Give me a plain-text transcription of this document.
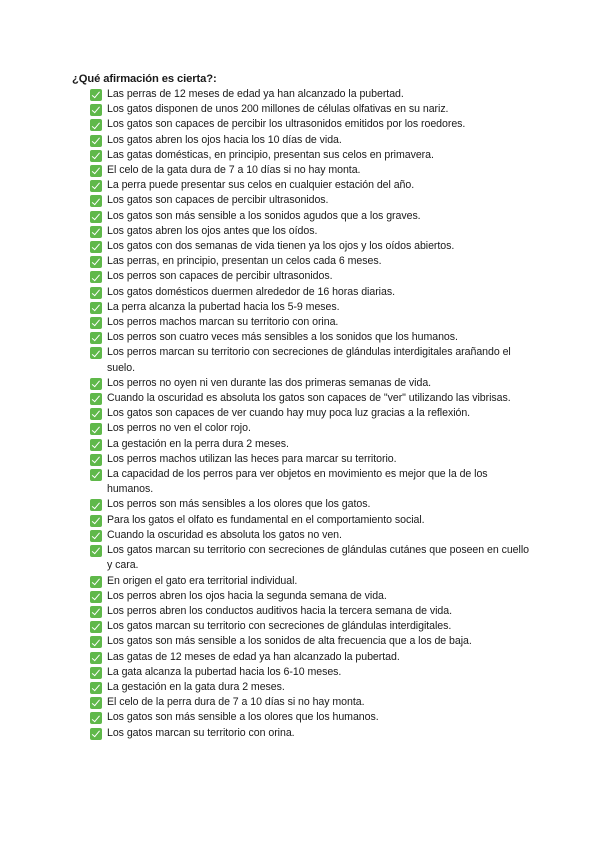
¿Qué afirmación es cierta?:
Las perras de 12 meses de edad ya han alcanzado la pubertad.
Los gatos disponen de unos 200 millones de células olfativas en su nariz.
Los gatos son capaces de percibir los ultrasonidos emitidos por los roedores.
Los gatos abren los ojos hacia los 10 días de vida.
Las gatas domésticas, en principio, presentan sus celos en primavera.
El celo de la gata dura de 7 a 10 días si no hay monta.
La perra puede presentar sus celos en cualquier estación del año.
Los gatos son capaces de percibir ultrasonidos.
Los gatos son más sensible a los sonidos agudos que a los graves.
Los gatos abren los ojos antes que los oídos.
Los gatos con dos semanas de vida tienen ya los ojos y los oídos abiertos.
Las perras, en principio, presentan un celos cada 6 meses.
Los perros son capaces de percibir ultrasonidos.
Los gatos domésticos duermen alrededor de 16 horas diarias.
La perra alcanza la pubertad hacia los 5-9 meses.
Los perros machos marcan su territorio con orina.
Los perros son cuatro veces más sensibles a los sonidos que los humanos.
Los perros marcan su territorio con secreciones de glándulas interdigitales arañando el suelo.
Los perros no oyen ni ven durante las dos primeras semanas de vida.
Cuando la oscuridad es absoluta los gatos son capaces de "ver" utilizando las vibrisas.
Los gatos son capaces de ver cuando hay muy poca luz gracias a la reflexión.
Los perros no ven el color rojo.
La gestación en la perra dura 2 meses.
Los perros machos utilizan las heces para marcar su territorio.
La capacidad de los perros para ver objetos en movimiento es mejor que la de los humanos.
Los perros son más sensibles a los olores que los gatos.
Para los gatos el olfato es fundamental en el comportamiento social.
Cuando la oscuridad es absoluta los gatos no ven.
Los gatos marcan su territorio con secreciones de glándulas cutánes que poseen en cuello y cara.
En origen el gato era territorial individual.
Los perros abren los ojos hacia la segunda semana de vida.
Los perros abren los conductos auditivos hacia la tercera semana de vida.
Los gatos marcan su territorio con secreciones de glándulas interdigitales.
Los gatos son más sensible a los sonidos de alta frecuencia que a los de baja.
Las gatas de 12 meses de edad ya han alcanzado la pubertad.
La gata alcanza la pubertad hacia los 6-10 meses.
La gestación en la gata dura 2 meses.
El celo de la perra dura de 7 a 10 días si no hay monta.
Los gatos son más sensible a los olores que los humanos.
Los gatos marcan su territorio con orina.
